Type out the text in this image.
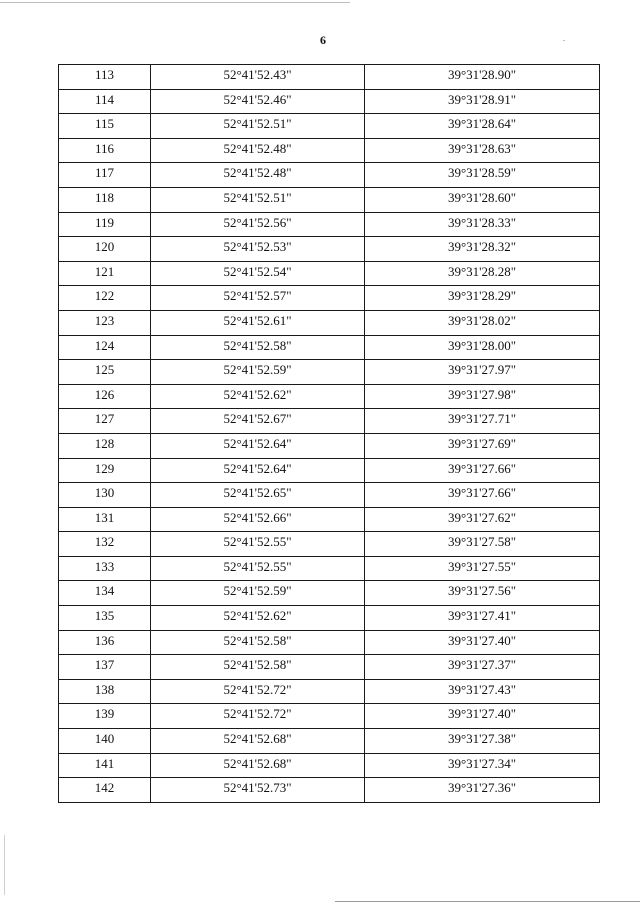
6
113	52°41'52.43"	39°31'28.90"
114	52°41'52.46"	39°31'28.91"
115	52°41'52.51"	39°31'28.64"
116	52°41'52.48"	39°31'28.63"
117	52°41'52.48"	39°31'28.59"
118	52°41'52.51"	39°31'28.60"
119	52°41'52.56"	39°31'28.33"
120	52°41'52.53"	39°31'28.32"
121	52°41'52.54"	39°31'28.28"
122	52°41'52.57"	39°31'28.29"
123	52°41'52.61"	39°31'28.02"
124	52°41'52.58"	39°31'28.00"
125	52°41'52.59"	39°31'27.97"
126	52°41'52.62"	39°31'27.98"
127	52°41'52.67"	39°31'27.71"
128	52°41'52.64"	39°31'27.69"
129	52°41'52.64"	39°31'27.66"
130	52°41'52.65"	39°31'27.66"
131	52°41'52.66"	39°31'27.62"
132	52°41'52.55"	39°31'27.58"
133	52°41'52.55"	39°31'27.55"
134	52°41'52.59"	39°31'27.56"
135	52°41'52.62"	39°31'27.41"
136	52°41'52.58"	39°31'27.40"
137	52°41'52.58"	39°31'27.37"
138	52°41'52.72"	39°31'27.43"
139	52°41'52.72"	39°31'27.40"
140	52°41'52.68"	39°31'27.38"
141	52°41'52.68"	39°31'27.34"
142	52°41'52.73"	39°31'27.36"
